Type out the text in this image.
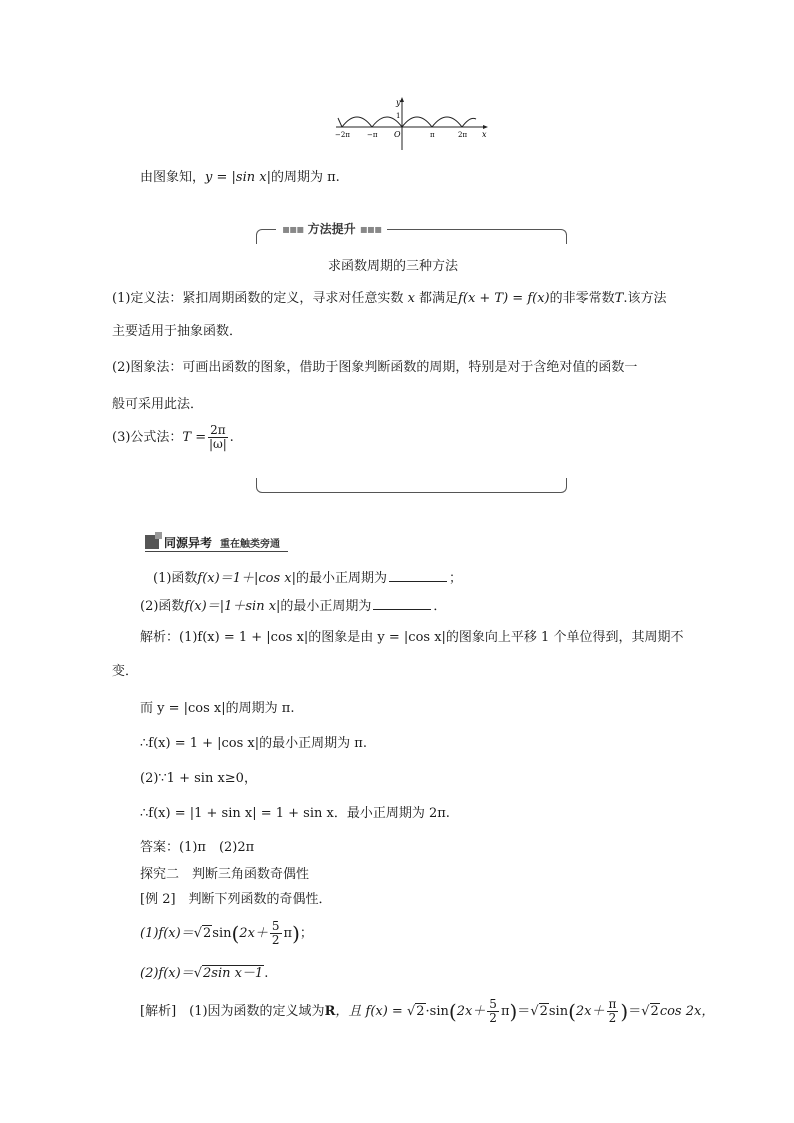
y
1
x
O
−2π −π	π	2π
由图象知，y = |sin x|的周期为 π.
▪▪▪ 方法提升 ▪▪▪
求函数周期的三种方法
(1)定义法：紧扣周期函数的定义，寻求对任意实数 x 都满足f(x + T) = f(x)的非零常数T.该方法
主要适用于抽象函数．
(2)图象法：可画出函数的图象，借助于图象判断函数的周期，特别是对于含绝对值的函数一
般可采用此法．
(3)公式法：$T = \frac{2\pi}{|\omega|}$ .
同源异考 重在触类旁通
(1)函数f(x)＝1＋|cos x|的最小正周期为	；
(2)函数f(x)＝|1＋sin x|的最小正周期为	．
解析：(1)f(x) = 1 + |cos x|的图象是由 y = |cos x|的图象向上平移 1 个单位得到，其周期不
变．
而 y = |cos x|的周期为 π.
∴f(x) = 1 + |cos x|的最小正周期为 π.
(2)∵1 + sin x≥0，
∴f(x) = |1 + sin x| = 1 + sin x．最小正周期为 2π.
答案：(1)π　(2)2π
探究二　判断三角函数奇偶性
[例 2]　判断下列函数的奇偶性．
$(1)f(x)=√2\sin(2x+ \frac{5}{2} \pi)$；
(2)f(x)＝√2sin x－1.
[解析]　(1)因为函数的定义域为R，且 $f(x) = √2\cdot\sin(2x+ \frac{5}{2} \pi)=√2\sin(2x+ \frac{\pi}{2} )=√2\cos$ 2x，
